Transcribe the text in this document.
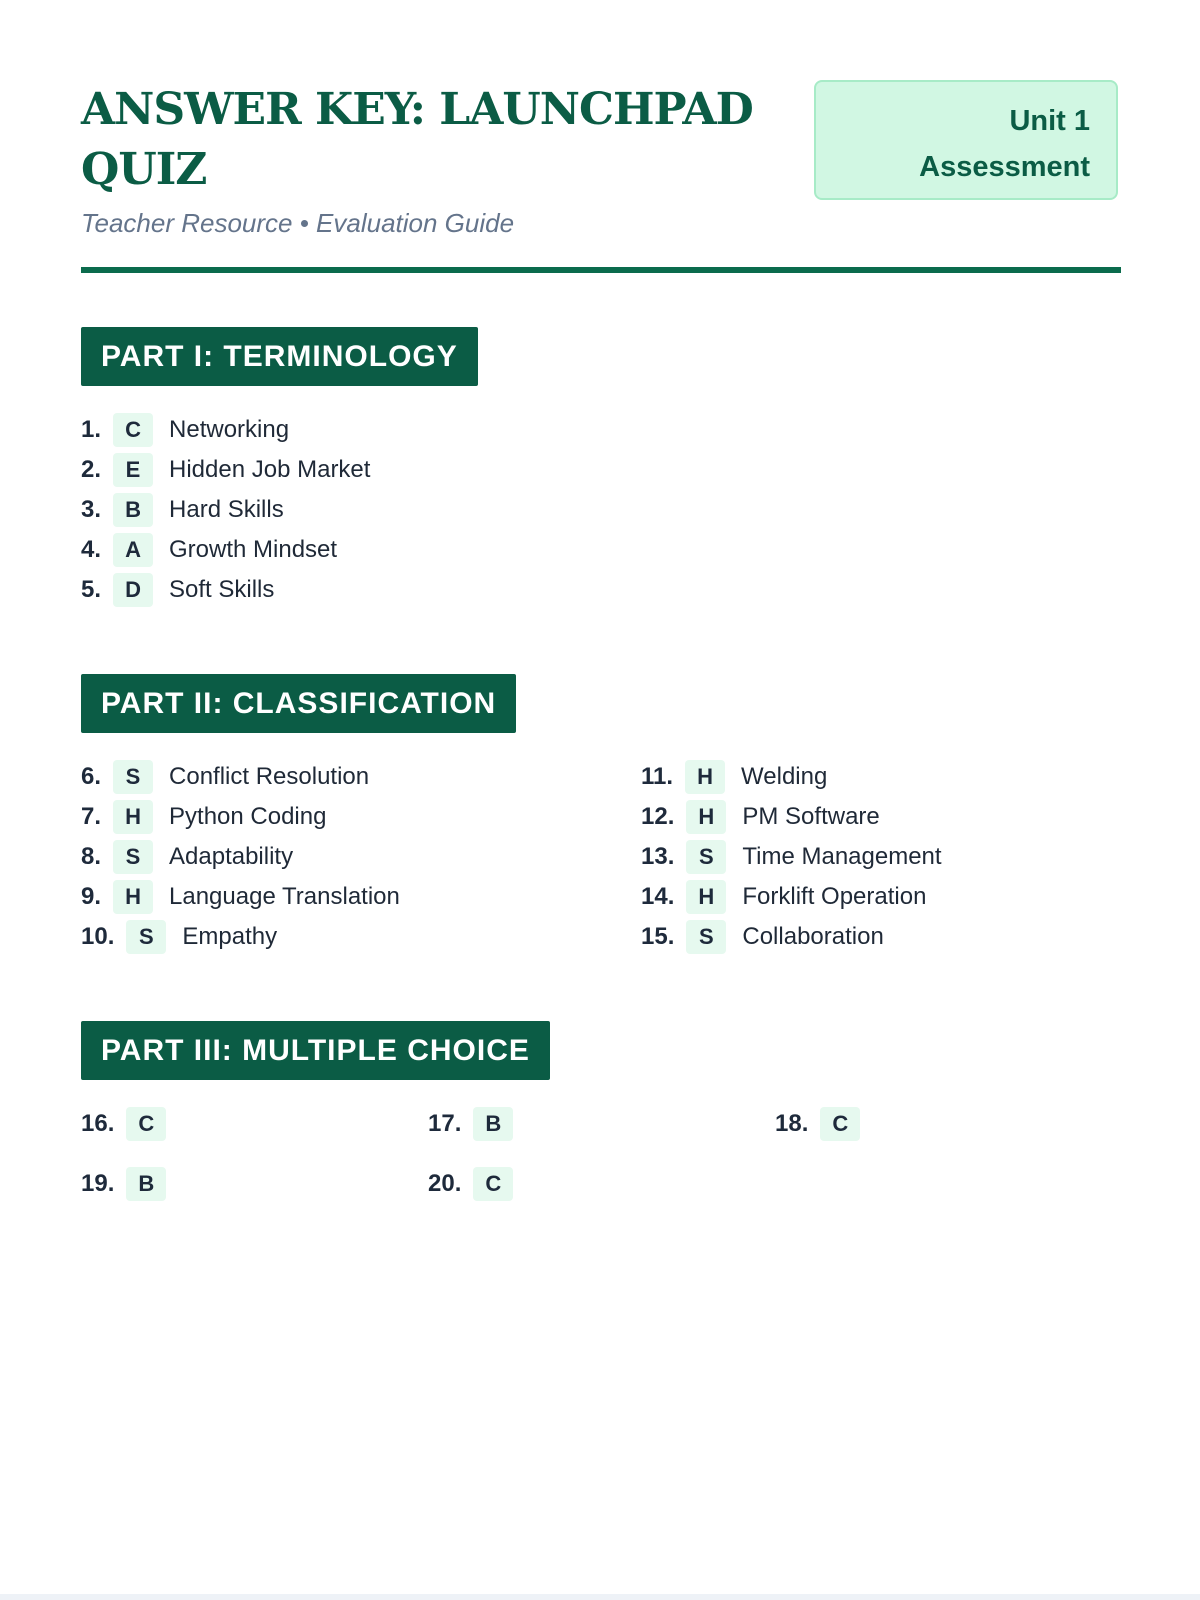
ANSWER KEY: LAUNCHPAD QUIZ
Teacher Resource • Evaluation Guide
Unit 1
Assessment
PART I: TERMINOLOGY
1.	C	Networking
2.	E	Hidden Job Market
3.	B	Hard Skills
4.	A	Growth Mindset
5.	D	Soft Skills
PART II: CLASSIFICATION
6.	S	Conflict Resolution
7.	H	Python Coding
8.	S	Adaptability
9.	H	Language Translation
10.	S	Empathy
11.	H	Welding
12.	H	PM Software
13.	S	Time Management
14.	H	Forklift Operation
15.	S	Collaboration
PART III: MULTIPLE CHOICE
16.	C	17.	B	18.	C
19.	B	20.	C
